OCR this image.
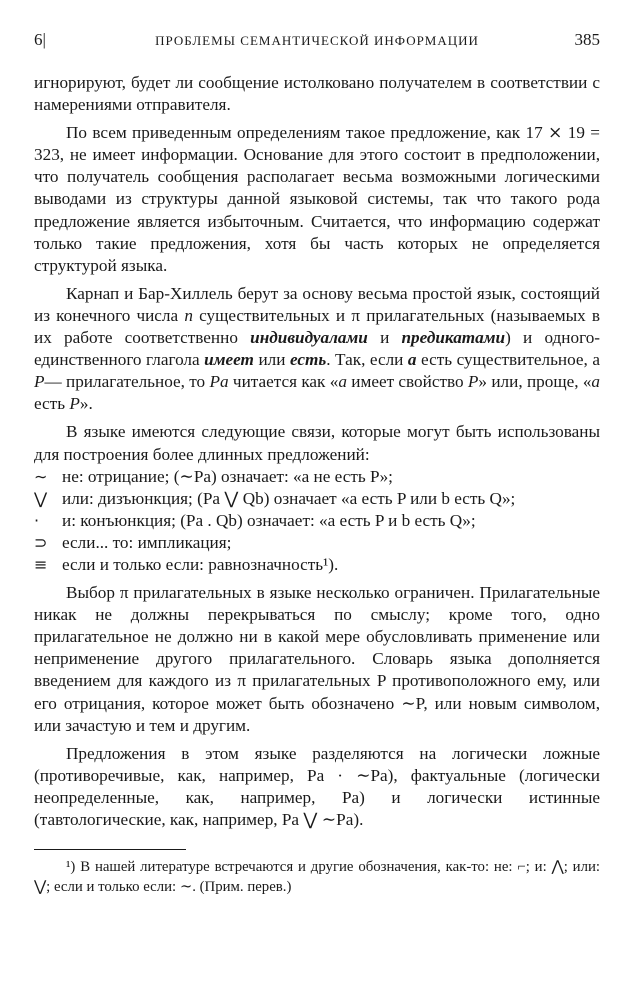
6|	ПРОБЛЕМЫ СЕМАНТИЧЕСКОЙ ИНФОРМАЦИИ	385

игнорируют, будет ли сообщение истолковано получателем в соответствии с намерениями отправителя.

По всем приведенным определениям такое предложение, как 17 ⨯ 19 = 323, не имеет информации. Основание для этого состоит в предположении, что получатель сообщения располагает весьма возможными логическими выводами из структуры данной языковой системы, так что такого рода предложение является избыточным. Считается, что информацию содержат только такие предложения, хотя бы часть которых не определяется структурой языка.

Карнап и Бар-Хиллель берут за основу весьма простой язык, состоящий из конечного числа n существительных и π прилагательных (называемых в их работе соответственно индивидуалами и предикатами) и одного-единственного глагола имеет или есть. Так, если a есть существительное, а P— прилагательное, то Pa читается как «a имеет свойство P» или, проще, «a есть P».

В языке имеются следующие связи, которые могут быть использованы для построения более длинных предложений:

∼ не: отрицание; (∼Pa) означает: «a не есть P»;

⋁ или: дизъюнкция; (Pa ⋁ Qb) означает «a есть P или b есть Q»;

· и: конъюнкция; (Pa . Qb) означает: «a есть P и b есть Q»;

⊃ если... то: импликация;

≡ если и только если: равнозначность¹).

Выбор π прилагательных в языке несколько ограничен. Прилагательные никак не должны перекрываться по смыслу; кроме того, одно прилагательное не должно ни в какой мере обусловливать применение или неприменение другого прилагательного. Словарь языка дополняется введением для каждого из π прилагательных P противоположного ему, или его отрицания, которое может быть обозначено ∼P, или новым символом, или зачастую и тем и другим.

Предложения в этом языке разделяются на логически ложные (противоречивые, как, например, Pa · ∼Pa), фактуальные (логически неопределенные, как, например, Pa) и логически истинные (тавтологические, как, например, Pa ⋁ ∼Pa).

¹) В нашей литературе встречаются и другие обозначения, как-то: не: ⌐; и: ⋀; или: ⋁; если и только если: ∼. (Прим. перев.)
